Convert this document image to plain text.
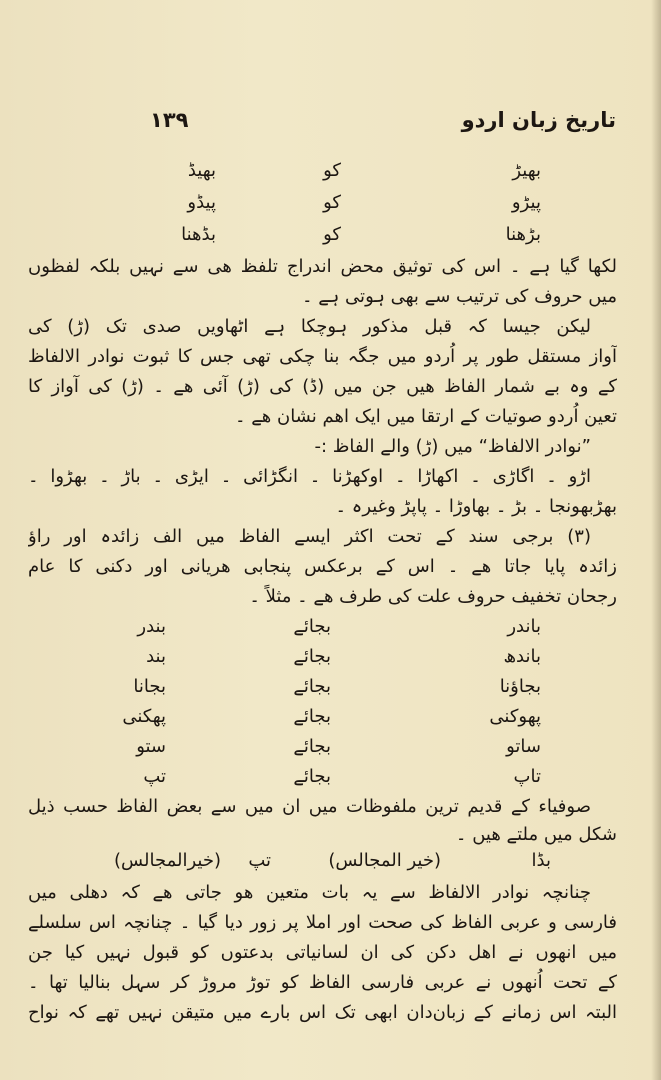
تاریخ زبان اردو
۱۳۹
بھیڑ
کو
بھیڈ
پیڑو
کو
پیڈو
بڑھنا
کو
بڈھنا
لکھا گیا ہے ۔ اس کی توثیق محض اندراج تلفظ ھی سے نہیں بلکہ لفظوں
میں حروف کی ترتیب سے بھی ہوتی ہے ۔
لیکن جیسا کہ قبل مذکور ہوچکا ہے اٹھاویں صدی تک (ڑ) کی
آواز مستقل طور پر اُردو میں جگہ بنا چکی تھی جس کا ثبوت نوادر الالفاظ
کے وہ بے شمار الفاظ ھیں جن میں (ڈ) کی (ڑ) آئی ھے ۔ (ڑ) کی آواز کا
تعین اُردو صوتیات کے ارتقا میں ایک اھم نشان ھے ۔
”نوادر الالفاظ“ میں (ڑ) والے الفاظ :-
اڑو ۔ اگاڑی ۔ اکھاڑا ۔ اوکھڑنا ۔ انگڑائی ۔ ایڑی ۔ باڑ ۔ بھڑوا ۔
بھڑبھونجا ۔ بڑ ۔ بھاوڑا ۔ پاپڑ وغیرہ ۔
(۳) برجی سند کے تحت اکثر ایسے الفاظ میں الف زائدہ اور راؤ
زائدہ پایا جاتا ھے ۔ اس کے برعکس پنجابی ھریانی اور دکنی کا عام
رجحان تخفیف حروف علت کی طرف ھے ۔ مثلاً ۔
باندر
بجائے
بندر
باندھ
بجائے
بند
بجاؤنا
بجائے
بجانا
پھوکنی
بجائے
پھکنی
ساتو
بجائے
ستو
تاپ
بجائے
تپ
صوفیاء کے قدیم ترین ملفوظات میں ان میں سے بعض الفاظ حسب ذیل
شکل میں ملتے ھیں ۔
بڈا
(خیر المجالس)
تپ
(خیرالمجالس)
چنانچہ نوادر الالفاظ سے یہ بات متعین ھو جاتی ھے کہ دھلی میں
فارسی و عربی الفاظ کی صحت اور املا پر زور دیا گیا ۔ چنانچہ اس سلسلے
میں انھوں نے اھل دکن کی ان لسانیاتی بدعتوں کو قبول نہیں کیا جن
کے تحت اُنھوں نے عربی فارسی الفاظ کو توڑ مروڑ کر سہل بنالیا تھا ۔
البتہ اس زمانے کے زبان‌دان ابھی تک اس بارے میں متیقن نہیں تھے کہ نواح
